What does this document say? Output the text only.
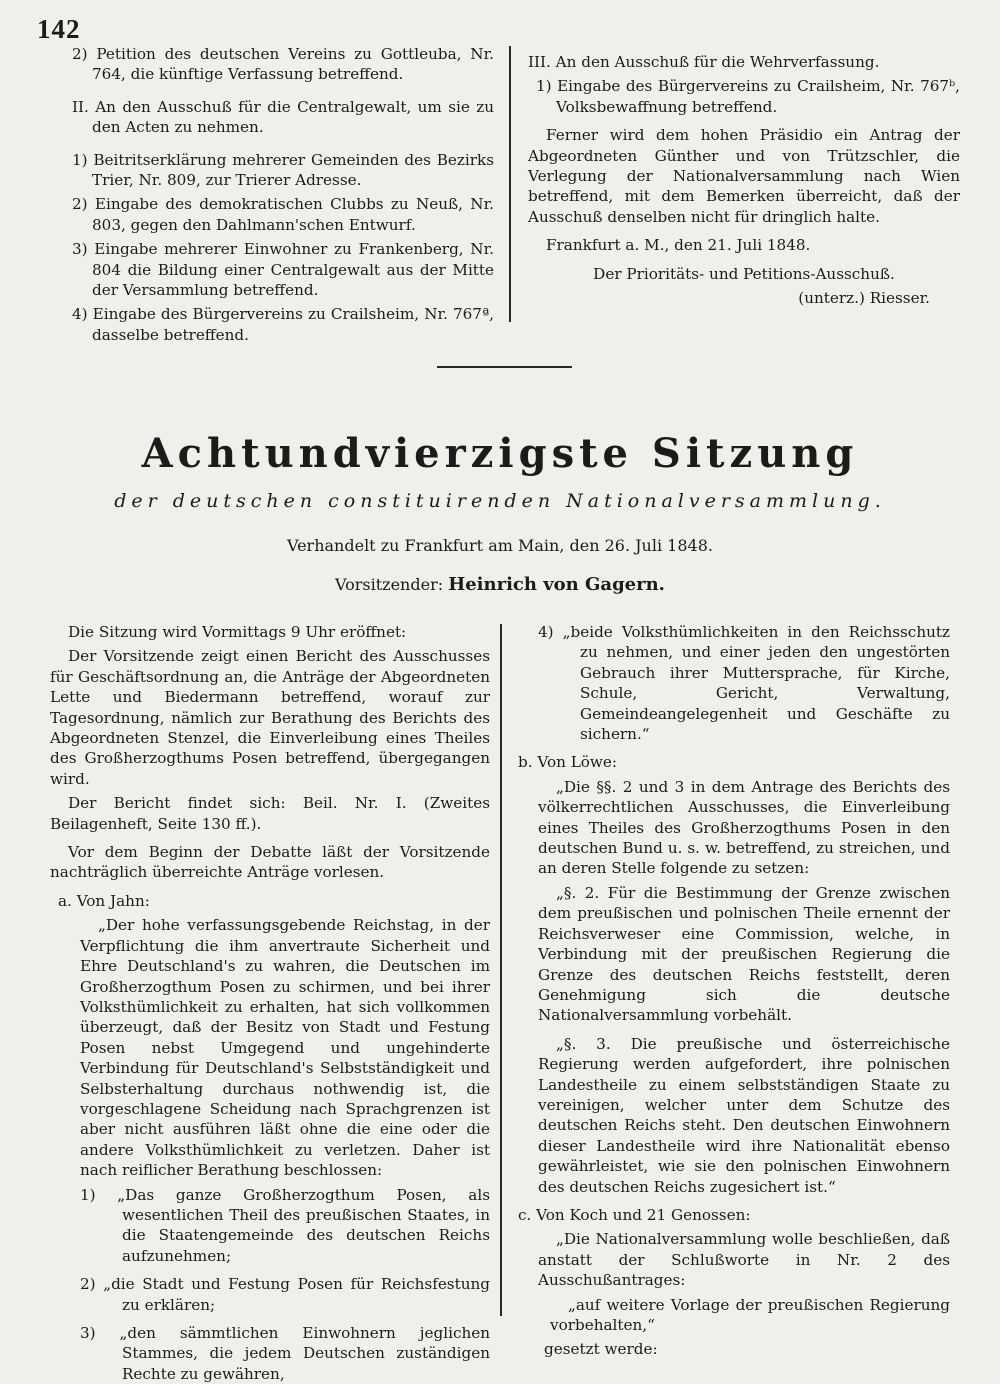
142

2) Petition des deutschen Vereins zu Gottleuba, Nr. 764, die künftige Verfassung betreffend.

II. An den Ausschuß für die Centralgewalt, um sie zu den Acten zu nehmen.

1) Beitritserklärung mehrerer Gemeinden des Bezirks Trier, Nr. 809, zur Trierer Adresse.

2) Eingabe des demokratischen Clubbs zu Neuß, Nr. 803, gegen den Dahlmann'schen Entwurf.

3) Eingabe mehrerer Einwohner zu Frankenberg, Nr. 804 die Bildung einer Centralgewalt aus der Mitte der Versammlung betreffend.

4) Eingabe des Bürgervereins zu Crailsheim, Nr. 767ª, dasselbe betreffend.

III. An den Ausschuß für die Wehrverfassung.

1) Eingabe des Bürgervereins zu Crailsheim, Nr. 767ᵇ, Volksbewaffnung betreffend.

Ferner wird dem hohen Präsidio ein Antrag der Abgeordneten Günther und von Trützschler, die Verlegung der Nationalversammlung nach Wien betreffend, mit dem Bemerken überreicht, daß der Ausschuß denselben nicht für dringlich halte.

Frankfurt a. M., den 21. Juli 1848.

Der Prioritäts- und Petitions-Ausschuß.

(unterz.) Riesser.

Achtundvierzigste Sitzung
der deutschen constituirenden Nationalversammlung.
Verhandelt zu Frankfurt am Main, den 26. Juli 1848.
Vorsitzender: Heinrich von Gagern.

Die Sitzung wird Vormittags 9 Uhr eröffnet:

Der Vorsitzende zeigt einen Bericht des Ausschusses für Geschäftsordnung an, die Anträge der Abgeordneten Lette und Biedermann betreffend, worauf zur Tagesordnung, nämlich zur Berathung des Berichts des Abgeordneten Stenzel, die Einverleibung eines Theiles des Großherzogthums Posen betreffend, übergegangen wird.

Der Bericht findet sich: Beil. Nr. I. (Zweites Beilagenheft, Seite 130 ff.).

Vor dem Beginn der Debatte läßt der Vorsitzende nachträglich überreichte Anträge vorlesen.

a. Von Jahn:

„Der hohe verfassungsgebende Reichstag, in der Verpflichtung die ihm anvertraute Sicherheit und Ehre Deutschland's zu wahren, die Deutschen im Großherzogthum Posen zu schirmen, und bei ihrer Volksthümlichkeit zu erhalten, hat sich vollkommen überzeugt, daß der Besitz von Stadt und Festung Posen nebst Umgegend und ungehinderte Verbindung für Deutschland's Selbstständigkeit und Selbsterhaltung durchaus nothwendig ist, die vorgeschlagene Scheidung nach Sprachgrenzen ist aber nicht ausführen läßt ohne die eine oder die andere Volksthümlichkeit zu verletzen. Daher ist nach reiflicher Berathung beschlossen:

1) „Das ganze Großherzogthum Posen, als wesentlichen Theil des preußischen Staates, in die Staatengemeinde des deutschen Reichs aufzunehmen;

2) „die Stadt und Festung Posen für Reichsfestung zu erklären;

3) „den sämmtlichen Einwohnern jeglichen Stammes, die jedem Deutschen zuständigen Rechte zu gewähren,

4) „beide Volksthümlichkeiten in den Reichsschutz zu nehmen, und einer jeden den ungestörten Gebrauch ihrer Muttersprache, für Kirche, Schule, Gericht, Verwaltung, Gemeindeangelegenheit und Geschäfte zu sichern.“

b. Von Löwe:

„Die §§. 2 und 3 in dem Antrage des Berichts des völkerrechtlichen Ausschusses, die Einverleibung eines Theiles des Großherzogthums Posen in den deutschen Bund u. s. w. betreffend, zu streichen, und an deren Stelle folgende zu setzen:

„§. 2. Für die Bestimmung der Grenze zwischen dem preußischen und polnischen Theile ernennt der Reichsverweser eine Commission, welche, in Verbindung mit der preußischen Regierung die Grenze des deutschen Reichs feststellt, deren Genehmigung sich die deutsche Nationalversammlung vorbehält.

„§. 3. Die preußische und österreichische Regierung werden aufgefordert, ihre polnischen Landestheile zu einem selbstständigen Staate zu vereinigen, welcher unter dem Schutze des deutschen Reichs steht. Den deutschen Einwohnern dieser Landestheile wird ihre Nationalität ebenso gewährleistet, wie sie den polnischen Einwohnern des deutschen Reichs zugesichert ist.“

c. Von Koch und 21 Genossen:

„Die Nationalversammlung wolle beschließen, daß anstatt der Schlußworte in Nr. 2 des Ausschußantrages:

„auf weitere Vorlage der preußischen Regierung vorbehalten,“

gesetzt werde:
